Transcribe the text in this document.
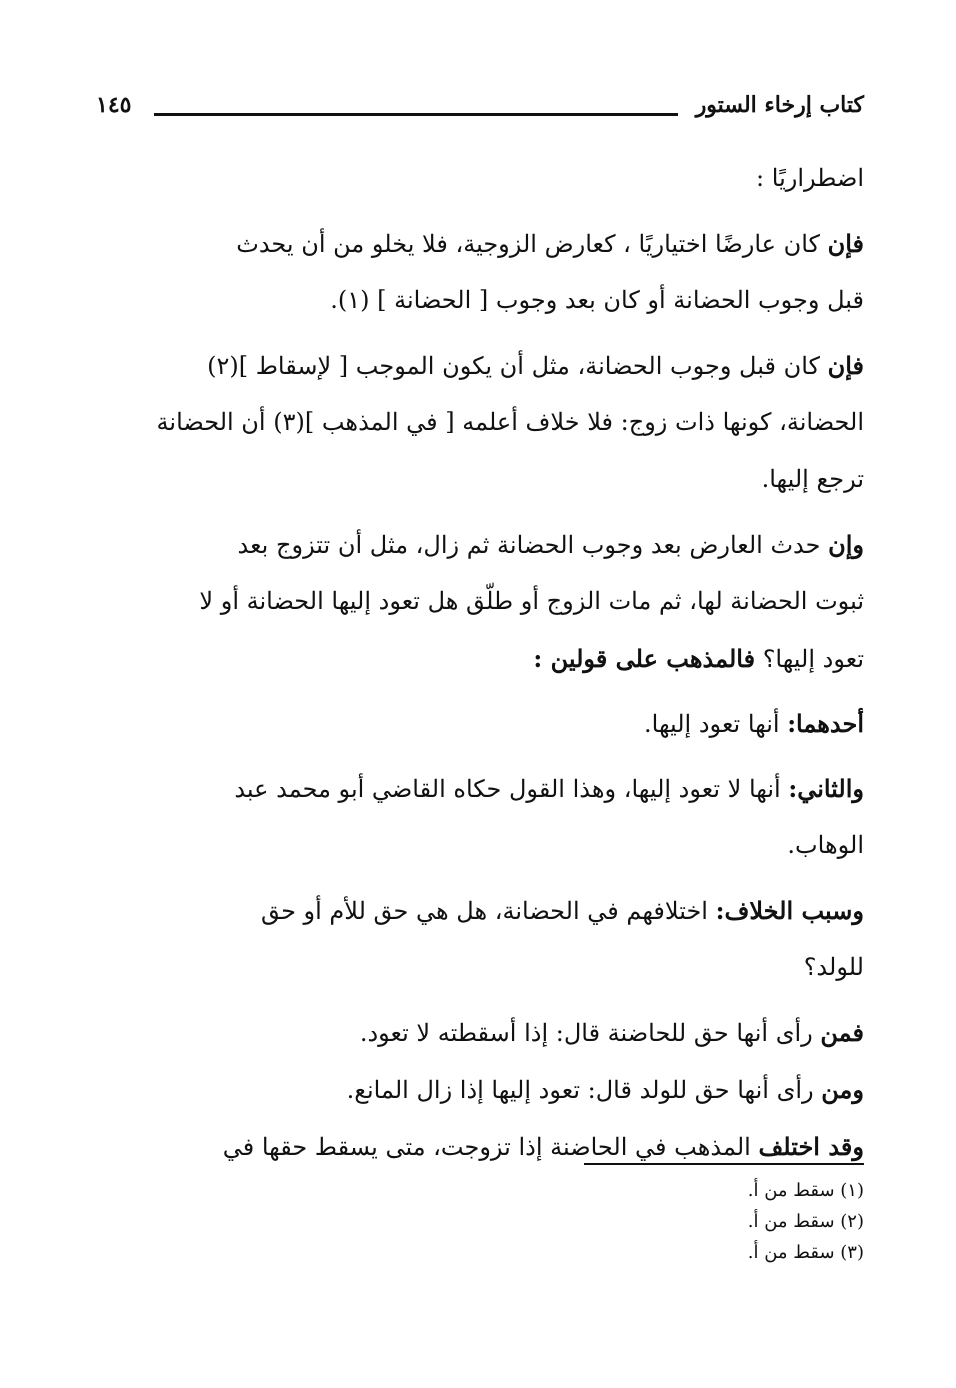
كتاب إرخاء الستور
١٤٥
اضطراريًا :
فإن كان عارضًا اختياريًا ، كعارض الزوجية، فلا يخلو من أن يحدث
قبل وجوب الحضانة أو كان بعد وجوب [ الحضانة ] (١).
فإن كان قبل وجوب الحضانة، مثل أن يكون الموجب [ لإسقاط ](٢)
الحضانة، كونها ذات زوج: فلا خلاف أعلمه [ في المذهب ](٣) أن الحضانة
ترجع إليها.
وإن حدث العارض بعد وجوب الحضانة ثم زال، مثل أن تتزوج بعد
ثبوت الحضانة لها، ثم مات الزوج أو طلّق هل تعود إليها الحضانة أو لا
تعود إليها؟ فالمذهب على قولين :
أحدهما: أنها تعود إليها.
والثاني: أنها لا تعود إليها، وهذا القول حكاه القاضي أبو محمد عبد
الوهاب.
وسبب الخلاف: اختلافهم في الحضانة، هل هي حق للأم أو حق
للولد؟
فمن رأى أنها حق للحاضنة قال: إذا أسقطته لا تعود.
ومن رأى أنها حق للولد قال: تعود إليها إذا زال المانع.
وقد اختلف المذهب في الحاضنة إذا تزوجت، متى يسقط حقها في
(١) سقط من أ.
(٢) سقط من أ.
(٣) سقط من أ.
